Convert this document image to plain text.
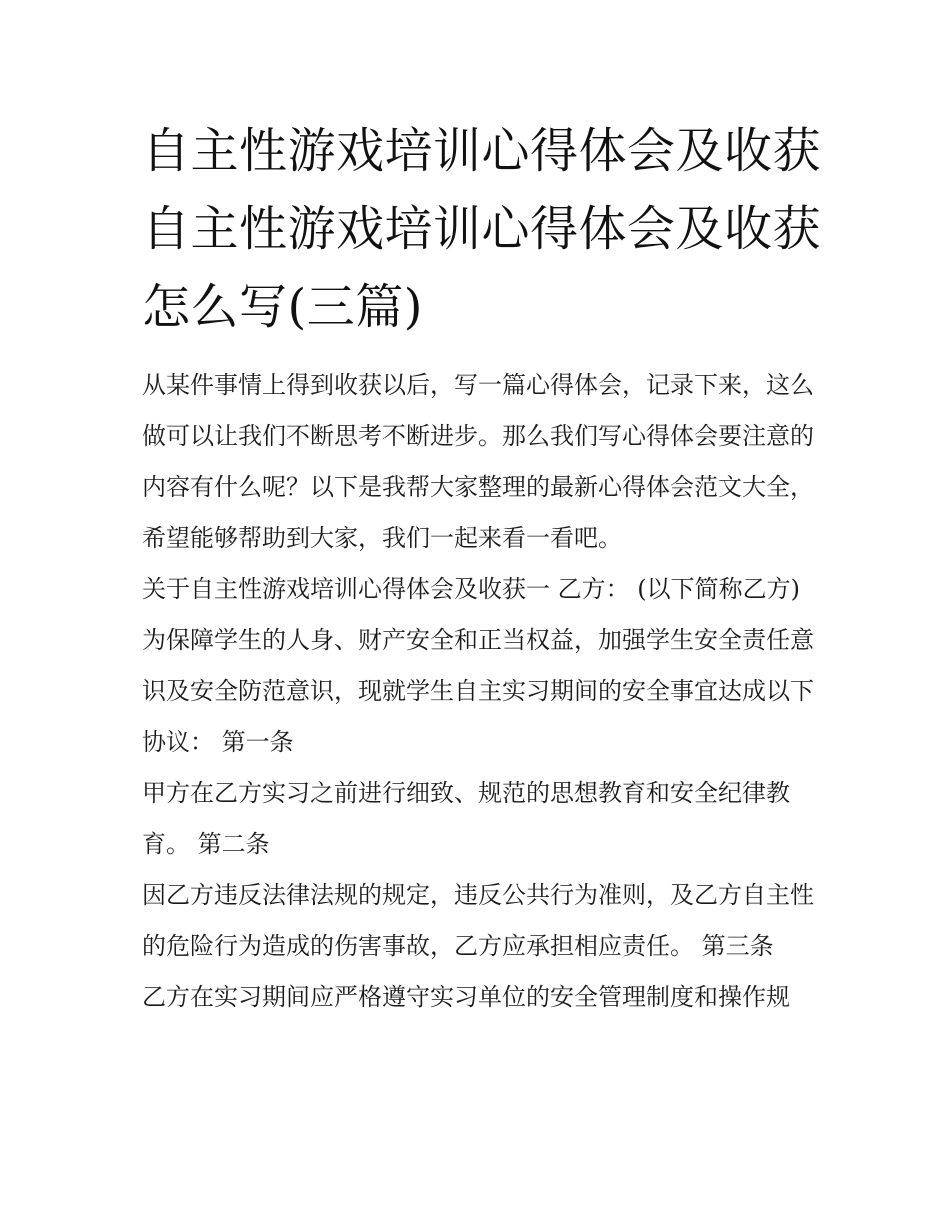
自主性游戏培训心得体会及收获 自主性游戏培训心得体会及收获怎么写(三篇)

从某件事情上得到收获以后，写一篇心得体会，记录下来，这么做可以让我们不断思考不断进步。那么我们写心得体会要注意的内容有什么呢？以下是我帮大家整理的最新心得体会范文大全，希望能够帮助到大家，我们一起来看一看吧。

关于自主性游戏培训心得体会及收获一 乙方： (以下简称乙方)

为保障学生的人身、财产安全和正当权益，加强学生安全责任意识及安全防范意识，现就学生自主实习期间的安全事宜达成以下协议： 第一条

甲方在乙方实习之前进行细致、规范的思想教育和安全纪律教育。 第二条

因乙方违反法律法规的规定，违反公共行为准则，及乙方自主性的危险行为造成的伤害事故，乙方应承担相应责任。 第三条

乙方在实习期间应严格遵守实习单位的安全管理制度和操作规
